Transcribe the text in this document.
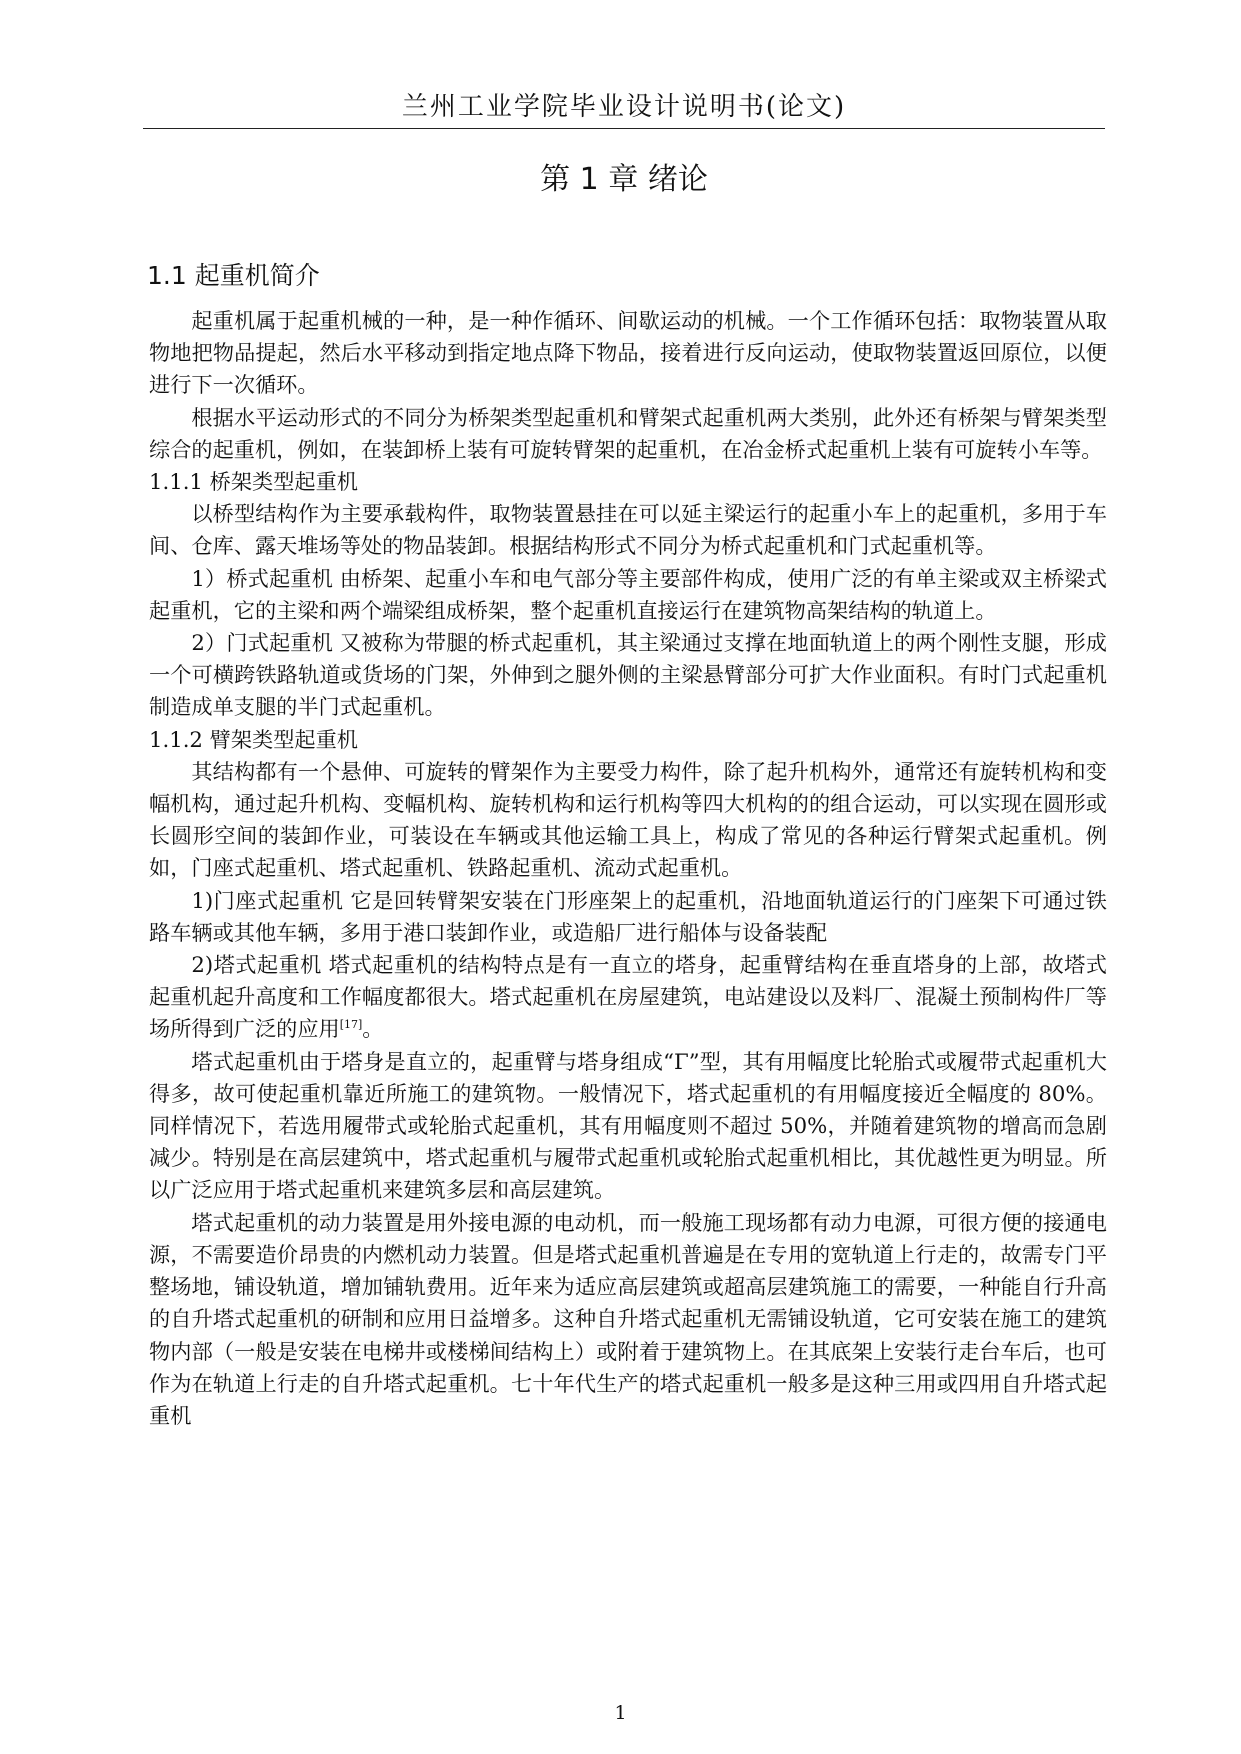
兰州工业学院毕业设计说明书(论文)
第 1 章 绪论
1.1 起重机简介

起重机属于起重机械的一种，是一种作循环、间歇运动的机械。一个工作循环包括：取物装置从取物地把物品提起，然后水平移动到指定地点降下物品，接着进行反向运动，使取物装置返回原位，以便进行下一次循环。

根据水平运动形式的不同分为桥架类型起重机和臂架式起重机两大类别，此外还有桥架与臂架类型综合的起重机，例如，在装卸桥上装有可旋转臂架的起重机，在冶金桥式起重机上装有可旋转小车等。

1.1.1 桥架类型起重机

以桥型结构作为主要承载构件，取物装置悬挂在可以延主梁运行的起重小车上的起重机，多用于车间、仓库、露天堆场等处的物品装卸。根据结构形式不同分为桥式起重机和门式起重机等。

1）桥式起重机 由桥架、起重小车和电气部分等主要部件构成，使用广泛的有单主梁或双主桥梁式起重机，它的主梁和两个端梁组成桥架，整个起重机直接运行在建筑物高架结构的轨道上。

2）门式起重机 又被称为带腿的桥式起重机，其主梁通过支撑在地面轨道上的两个刚性支腿，形成一个可横跨铁路轨道或货场的门架，外伸到之腿外侧的主梁悬臂部分可扩大作业面积。有时门式起重机制造成单支腿的半门式起重机。

1.1.2 臂架类型起重机

其结构都有一个悬伸、可旋转的臂架作为主要受力构件，除了起升机构外，通常还有旋转机构和变幅机构，通过起升机构、变幅机构、旋转机构和运行机构等四大机构的的组合运动，可以实现在圆形或长圆形空间的装卸作业，可装设在车辆或其他运输工具上，构成了常见的各种运行臂架式起重机。例如，门座式起重机、塔式起重机、铁路起重机、流动式起重机。

1)门座式起重机 它是回转臂架安装在门形座架上的起重机，沿地面轨道运行的门座架下可通过铁路车辆或其他车辆，多用于港口装卸作业，或造船厂进行船体与设备装配

2)塔式起重机 塔式起重机的结构特点是有一直立的塔身，起重臂结构在垂直塔身的上部，故塔式起重机起升高度和工作幅度都很大。塔式起重机在房屋建筑，电站建设以及料厂、混凝土预制构件厂等场所得到广泛的应用[17]。

塔式起重机由于塔身是直立的，起重臂与塔身组成“Γ”型，其有用幅度比轮胎式或履带式起重机大得多，故可使起重机靠近所施工的建筑物。一般情况下，塔式起重机的有用幅度接近全幅度的 80%。同样情况下，若选用履带式或轮胎式起重机，其有用幅度则不超过 50%，并随着建筑物的增高而急剧减少。特别是在高层建筑中，塔式起重机与履带式起重机或轮胎式起重机相比，其优越性更为明显。所以广泛应用于塔式起重机来建筑多层和高层建筑。

塔式起重机的动力装置是用外接电源的电动机，而一般施工现场都有动力电源，可很方便的接通电源，不需要造价昂贵的内燃机动力装置。但是塔式起重机普遍是在专用的宽轨道上行走的，故需专门平整场地，铺设轨道，增加铺轨费用。近年来为适应高层建筑或超高层建筑施工的需要，一种能自行升高的自升塔式起重机的研制和应用日益增多。这种自升塔式起重机无需铺设轨道，它可安装在施工的建筑物内部（一般是安装在电梯井或楼梯间结构上）或附着于建筑物上。在其底架上安装行走台车后，也可作为在轨道上行走的自升塔式起重机。七十年代生产的塔式起重机一般多是这种三用或四用自升塔式起重机

1
